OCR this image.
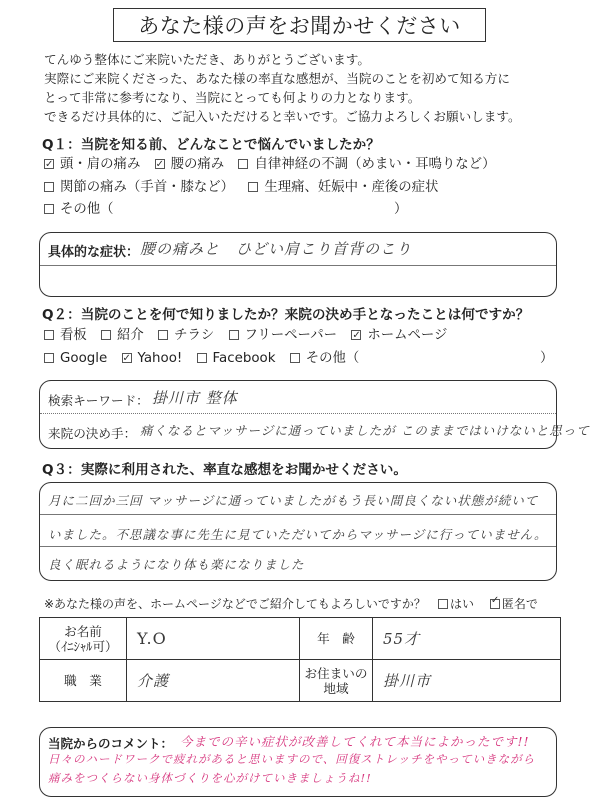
あなた様の声をお聞かせください
てんゆう整体にご来院いただき、ありがとうございます。
実際にご来院くださった、あなた様の率直な感想が、当院のことを初めて知る方に
とって非常に参考になり、当院にとっても何よりの力となります。
できるだけ具体的に、ご記入いただけると幸いです。ご協力よろしくお願いします。
Q１：当院を知る前、どんなことで悩んでいましたか？
✓頭・肩の痛み ✓ 腰の痛み 自律神経の不調（めまい・耳鳴りなど）
関節の痛み（手首・膝など） 生理痛、妊娠中・産後の症状
その他（	）
具体的な症状： 腰の痛みと　ひどい肩こり首背のこり
Q２：当院のことを何で知りましたか？来院の決め手となったことは何ですか？
看板 紹介 チラシ フリーペーパー ✓ ホームページ
Google ✓ Yahoo! Facebook その他（	）
検索キーワード： 掛川市 整体
来院の決め手： 痛くなるとマッサージに通っていましたが このままではいけないと思って
Q３：実際に利用された、率直な感想をお聞かせください。
月に二回か三回 マッサージに通っていましたがもう長い間良くない状態が続いて
いました。不思議な事に先生に見ていただいてからマッサージに行っていません。
良く眠れるようになり体も楽になりました
※あなた様の声を、ホームページなどでご紹介してもよろしいですか？	はい ✓ 匿名で
お名前
（ｲﾆｼｬﾙ可）	Y.O	年　齢	55才
職　業	介護	お住まいの
地域	掛川市
当院からのコメント： 今までの辛い症状が改善してくれて本当によかったです!!
日々のハードワークで疲れがあると思いますので、回復ストレッチをやっていきながら
痛みをつくらない身体づくりを心がけていきましょうね!!
